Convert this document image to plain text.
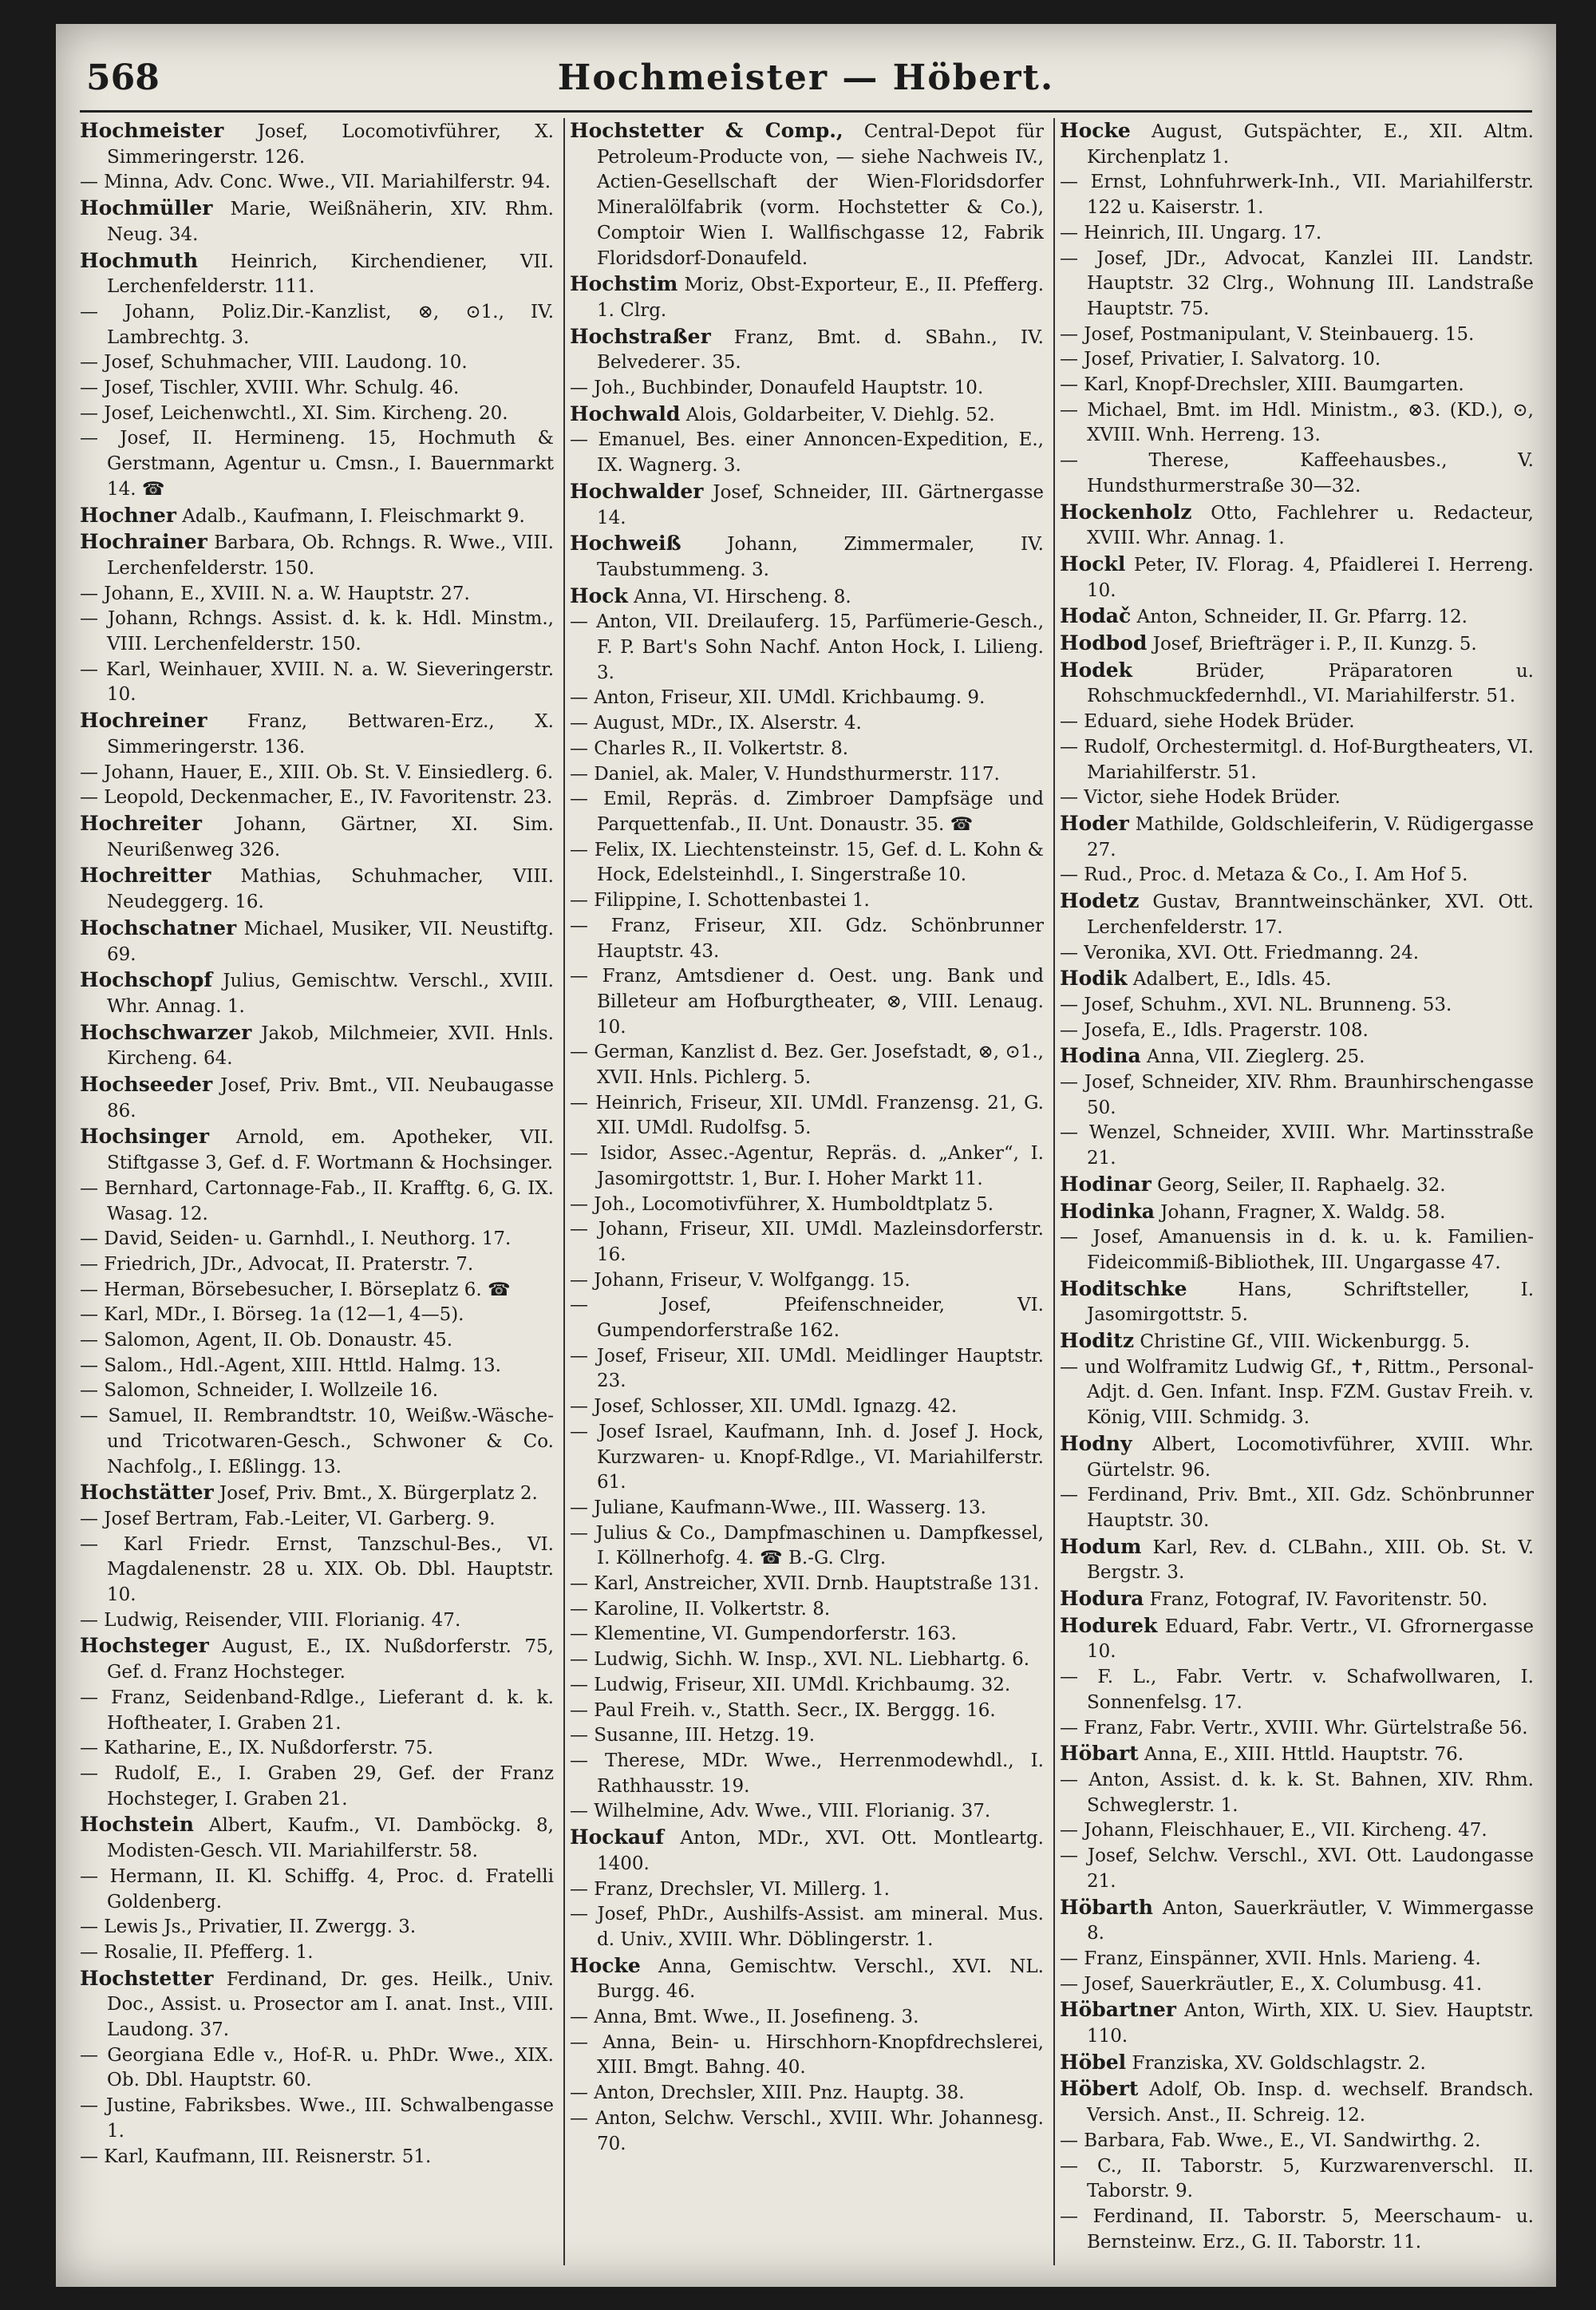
568	Hochmeister — Höbert.

Hochmeister Josef, Locomotivführer, X. Simmeringerstr. 126.

— Minna, Adv. Conc. Wwe., VII. Mariahilferstr. 94.

Hochmüller Marie, Weißnäherin, XIV. Rhm. Neug. 34.

Hochmuth Heinrich, Kirchendiener, VII. Lerchenfelderstr. 111.

— Johann, Poliz.Dir.-Kanzlist, ⊗, ⊙1., IV. Lambrechtg. 3.

— Josef, Schuhmacher, VIII. Laudong. 10.

— Josef, Tischler, XVIII. Whr. Schulg. 46.

— Josef, Leichenwchtl., XI. Sim. Kircheng. 20.

— Josef, II. Hermineng. 15, Hochmuth & Gerstmann, Agentur u. Cmsn., I. Bauernmarkt 14. ☎

Hochner Adalb., Kaufmann, I. Fleischmarkt 9.

Hochrainer Barbara, Ob. Rchngs. R. Wwe., VIII. Lerchenfelderstr. 150.

— Johann, E., XVIII. N. a. W. Hauptstr. 27.

— Johann, Rchngs. Assist. d. k. k. Hdl. Minstm., VIII. Lerchenfelderstr. 150.

— Karl, Weinhauer, XVIII. N. a. W. Sieveringerstr. 10.

Hochreiner Franz, Bettwaren-Erz., X. Simmeringerstr. 136.

— Johann, Hauer, E., XIII. Ob. St. V. Einsiedlerg. 6.

— Leopold, Deckenmacher, E., IV. Favoritenstr. 23.

Hochreiter Johann, Gärtner, XI. Sim. Neurißenweg 326.

Hochreitter Mathias, Schuhmacher, VIII. Neudeggerg. 16.

Hochschatner Michael, Musiker, VII. Neustiftg. 69.

Hochschopf Julius, Gemischtw. Verschl., XVIII. Whr. Annag. 1.

Hochschwarzer Jakob, Milchmeier, XVII. Hnls. Kircheng. 64.

Hochseeder Josef, Priv. Bmt., VII. Neubaugasse 86.

Hochsinger Arnold, em. Apotheker, VII. Stiftgasse 3, Gef. d. F. Wortmann & Hochsinger.

— Bernhard, Cartonnage-Fab., II. Krafftg. 6, G. IX. Wasag. 12.

— David, Seiden- u. Garnhdl., I. Neuthorg. 17.

— Friedrich, JDr., Advocat, II. Praterstr. 7.

— Herman, Börsebesucher, I. Börseplatz 6. ☎

— Karl, MDr., I. Börseg. 1a (12—1, 4—5).

— Salomon, Agent, II. Ob. Donaustr. 45.

— Salom., Hdl.-Agent, XIII. Httld. Halmg. 13.

— Salomon, Schneider, I. Wollzeile 16.

— Samuel, II. Rembrandtstr. 10, Weißw.-Wäsche- und Tricotwaren-Gesch., Schwoner & Co. Nachfolg., I. Eßlingg. 13.

Hochstätter Josef, Priv. Bmt., X. Bürgerplatz 2.

— Josef Bertram, Fab.-Leiter, VI. Garberg. 9.

— Karl Friedr. Ernst, Tanzschul-Bes., VI. Magdalenenstr. 28 u. XIX. Ob. Dbl. Hauptstr. 10.

— Ludwig, Reisender, VIII. Florianig. 47.

Hochsteger August, E., IX. Nußdorferstr. 75, Gef. d. Franz Hochsteger.

— Franz, Seidenband-Rdlge., Lieferant d. k. k. Hoftheater, I. Graben 21.

— Katharine, E., IX. Nußdorferstr. 75.

— Rudolf, E., I. Graben 29, Gef. der Franz Hochsteger, I. Graben 21.

Hochstein Albert, Kaufm., VI. Damböckg. 8, Modisten-Gesch. VII. Mariahilferstr. 58.

— Hermann, II. Kl. Schiffg. 4, Proc. d. Fratelli Goldenberg.

— Lewis Js., Privatier, II. Zwergg. 3.

— Rosalie, II. Pfefferg. 1.

Hochstetter Ferdinand, Dr. ges. Heilk., Univ. Doc., Assist. u. Prosector am I. anat. Inst., VIII. Laudong. 37.

— Georgiana Edle v., Hof-R. u. PhDr. Wwe., XIX. Ob. Dbl. Hauptstr. 60.

— Justine, Fabriksbes. Wwe., III. Schwalbengasse 1.

— Karl, Kaufmann, III. Reisnerstr. 51.

Hochstetter & Comp., Central-Depot für Petroleum-Producte von, — siehe Nachweis IV., Actien-Gesellschaft der Wien-Floridsdorfer Mineralölfabrik (vorm. Hochstetter & Co.), Comptoir Wien I. Wallfischgasse 12, Fabrik Floridsdorf-Donaufeld.

Hochstim Moriz, Obst-Exporteur, E., II. Pfefferg. 1. Clrg.

Hochstraßer Franz, Bmt. d. SBahn., IV. Belvederег. 35.

— Joh., Buchbinder, Donaufeld Hauptstr. 10.

Hochwald Alois, Goldarbeiter, V. Diehlg. 52.

— Emanuel, Bes. einer Annoncen-Expedition, E., IX. Wagnerg. 3.

Hochwalder Josef, Schneider, III. Gärtnergasse 14.

Hochweiß Johann, Zimmermaler, IV. Taubstummeng. 3.

Hock Anna, VI. Hirscheng. 8.

— Anton, VII. Dreilauferg. 15, Parfümerie-Gesch., F. P. Bart's Sohn Nachf. Anton Hock, I. Lilieng. 3.

— Anton, Friseur, XII. UMdl. Krichbaumg. 9.

— August, MDr., IX. Alserstr. 4.

— Charles R., II. Volkertstr. 8.

— Daniel, ak. Maler, V. Hundsthurmerstr. 117.

— Emil, Repräs. d. Zimbroer Dampfsäge und Parquettenfab., II. Unt. Donaustr. 35. ☎

— Felix, IX. Liechtensteinstr. 15, Gef. d. L. Kohn & Hock, Edelsteinhdl., I. Singerstraße 10.

— Filippine, I. Schottenbastei 1.

— Franz, Friseur, XII. Gdz. Schönbrunner Hauptstr. 43.

— Franz, Amtsdiener d. Oest. ung. Bank und Billeteur am Hofburgtheater, ⊗, VIII. Lenaug. 10.

— German, Kanzlist d. Bez. Ger. Josefstadt, ⊗, ⊙1., XVII. Hnls. Pichlerg. 5.

— Heinrich, Friseur, XII. UMdl. Franzensg. 21, G. XII. UMdl. Rudolfsg. 5.

— Isidor, Assec.-Agentur, Repräs. d. „Anker“, I. Jasomirgottstr. 1, Bur. I. Hoher Markt 11.

— Joh., Locomotivführer, X. Humboldtplatz 5.

— Johann, Friseur, XII. UMdl. Mazleinsdorferstr. 16.

— Johann, Friseur, V. Wolfgangg. 15.

— Josef, Pfeifenschneider, VI. Gumpendorferstraße 162.

— Josef, Friseur, XII. UMdl. Meidlinger Hauptstr. 23.

— Josef, Schlosser, XII. UMdl. Ignazg. 42.

— Josef Israel, Kaufmann, Inh. d. Josef J. Hock, Kurzwaren- u. Knopf-Rdlge., VI. Mariahilferstr. 61.

— Juliane, Kaufmann-Wwe., III. Wasserg. 13.

— Julius & Co., Dampfmaschinen u. Dampfkessel, I. Köllnerhofg. 4. ☎ B.-G. Clrg.

— Karl, Anstreicher, XVII. Drnb. Hauptstraße 131.

— Karoline, II. Volkertstr. 8.

— Klementine, VI. Gumpendorferstr. 163.

— Ludwig, Sichh. W. Insp., XVI. NL. Liebhartg. 6.

— Ludwig, Friseur, XII. UMdl. Krichbaumg. 32.

— Paul Freih. v., Statth. Secr., IX. Berggg. 16.

— Susanne, III. Hetzg. 19.

— Therese, MDr. Wwe., Herrenmodewhdl., I. Rathhausstr. 19.

— Wilhelmine, Adv. Wwe., VIII. Florianig. 37.

Hockauf Anton, MDr., XVI. Ott. Montleartg. 1400.

— Franz, Drechsler, VI. Millerg. 1.

— Josef, PhDr., Aushilfs-Assist. am mineral. Mus. d. Univ., XVIII. Whr. Döblingerstr. 1.

Hocke Anna, Gemischtw. Verschl., XVI. NL. Burgg. 46.

— Anna, Bmt. Wwe., II. Josefineng. 3.

— Anna, Bein- u. Hirschhorn-Knopfdrechslerei, XIII. Bmgt. Bahng. 40.

— Anton, Drechsler, XIII. Pnz. Hauptg. 38.

— Anton, Selchw. Verschl., XVIII. Whr. Johannesg. 70.

Hocke August, Gutspächter, E., XII. Altm. Kirchenplatz 1.

— Ernst, Lohnfuhrwerk-Inh., VII. Mariahilferstr. 122 u. Kaiserstr. 1.

— Heinrich, III. Ungarg. 17.

— Josef, JDr., Advocat, Kanzlei III. Landstr. Hauptstr. 32 Clrg., Wohnung III. Landstraße Hauptstr. 75.

— Josef, Postmanipulant, V. Steinbauerg. 15.

— Josef, Privatier, I. Salvatorg. 10.

— Karl, Knopf-Drechsler, XIII. Baumgarten.

— Michael, Bmt. im Hdl. Ministm., ⊗3. (KD.), ⊙, XVIII. Wnh. Herreng. 13.

— Therese, Kaffeehausbes., V. Hundsthurmerstraße 30—32.

Hockenholz Otto, Fachlehrer u. Redacteur, XVIII. Whr. Annag. 1.

Hockl Peter, IV. Florag. 4, Pfaidlerei I. Herreng. 10.

Hodač Anton, Schneider, II. Gr. Pfarrg. 12.

Hodbod Josef, Briefträger i. P., II. Kunzg. 5.

Hodek Brüder, Präparatoren u. Rohschmuckfedernhdl., VI. Mariahilferstr. 51.

— Eduard, siehe Hodek Brüder.

— Rudolf, Orchestermitgl. d. Hof-Burgtheaters, VI. Mariahilferstr. 51.

— Victor, siehe Hodek Brüder.

Hoder Mathilde, Goldschleiferin, V. Rüdigergasse 27.

— Rud., Proc. d. Metaza & Co., I. Am Hof 5.

Hodetz Gustav, Branntweinschänker, XVI. Ott. Lerchenfelderstr. 17.

— Veronika, XVI. Ott. Friedmanng. 24.

Hodik Adalbert, E., Idls. 45.

— Josef, Schuhm., XVI. NL. Brunneng. 53.

— Josefa, E., Idls. Pragerstr. 108.

Hodina Anna, VII. Zieglerg. 25.

— Josef, Schneider, XIV. Rhm. Braunhirschengasse 50.

— Wenzel, Schneider, XVIII. Whr. Martinsstraße 21.

Hodinar Georg, Seiler, II. Raphaelg. 32.

Hodinka Johann, Fragner, X. Waldg. 58.

— Josef, Amanuensis in d. k. u. k. Familien-Fideicommiß-Bibliothek, III. Ungargasse 47.

Hoditschke Hans, Schriftsteller, I. Jasomirgottstr. 5.

Hoditz Christine Gf., VIII. Wickenburgg. 5.

— und Wolframitz Ludwig Gf., ✝, Rittm., Personal-Adjt. d. Gen. Infant. Insp. FZM. Gustav Freih. v. König, VIII. Schmidg. 3.

Hodny Albert, Locomotivführer, XVIII. Whr. Gürtelstr. 96.

— Ferdinand, Priv. Bmt., XII. Gdz. Schönbrunner Hauptstr. 30.

Hodum Karl, Rev. d. CLBahn., XIII. Ob. St. V. Bergstr. 3.

Hodura Franz, Fotograf, IV. Favoritenstr. 50.

Hodurek Eduard, Fabr. Vertr., VI. Gfrornergasse 10.

— F. L., Fabr. Vertr. v. Schafwollwaren, I. Sonnenfelsg. 17.

— Franz, Fabr. Vertr., XVIII. Whr. Gürtelstraße 56.

Höbart Anna, E., XIII. Httld. Hauptstr. 76.

— Anton, Assist. d. k. k. St. Bahnen, XIV. Rhm. Schweglerstr. 1.

— Johann, Fleischhauer, E., VII. Kircheng. 47.

— Josef, Selchw. Verschl., XVI. Ott. Laudongasse 21.

Höbarth Anton, Sauerkräutler, V. Wimmergasse 8.

— Franz, Einspänner, XVII. Hnls. Marieng. 4.

— Josef, Sauerkräutler, E., X. Columbusg. 41.

Höbartner Anton, Wirth, XIX. U. Siev. Hauptstr. 110.

Höbel Franziska, XV. Goldschlagstr. 2.

Höbert Adolf, Ob. Insp. d. wechself. Brandsch. Versich. Anst., II. Schreig. 12.

— Barbara, Fab. Wwe., E., VI. Sandwirthg. 2.

— C., II. Taborstr. 5, Kurzwarenverschl. II. Taborstr. 9.

— Ferdinand, II. Taborstr. 5, Meerschaum- u. Bernsteinw. Erz., G. II. Taborstr. 11.
